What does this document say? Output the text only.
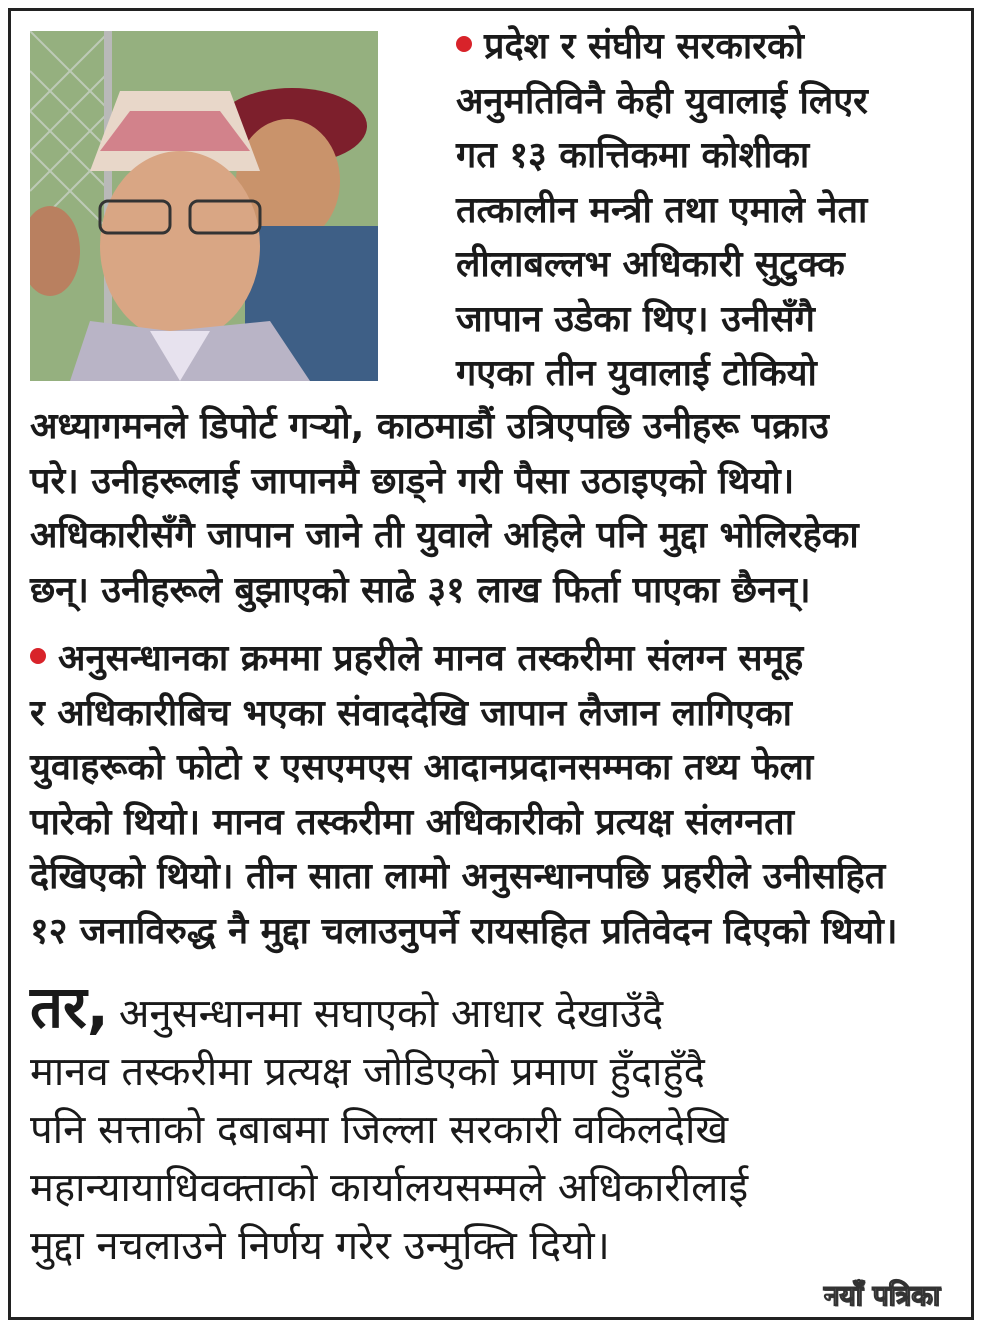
प्रदेश र संघीय सरकारको
अनुमतिविनै केही युवालाई लिएर
गत १३ कात्तिकमा कोशीका
तत्कालीन मन्त्री तथा एमाले नेता
लीलाबल्लभ अधिकारी सुटुक्क
जापान उडेका थिए। उनीसँगै
गएका तीन युवालाई टोकियो
अध्यागमनले डिपोर्ट गऱ्यो, काठमाडौं उत्रिएपछि उनीहरू पक्राउ
परे। उनीहरूलाई जापानमै छाड्ने गरी पैसा उठाइएको थियो।
अधिकारीसँगै जापान जाने ती युवाले अहिले पनि मुद्दा भोलिरहेका
छन्। उनीहरूले बुझाएको साढे ३१ लाख फिर्ता पाएका छैनन्।
अनुसन्धानका क्रममा प्रहरीले मानव तस्करीमा संलग्न समूह
र अधिकारीबिच भएका संवाददेखि जापान लैजान लागिएका
युवाहरूको फोटो र एसएमएस आदानप्रदानसम्मका तथ्य फेला
पारेको थियो। मानव तस्करीमा अधिकारीको प्रत्यक्ष संलग्नता
देखिएको थियो। तीन साता लामो अनुसन्धानपछि प्रहरीले उनीसहित
१२ जनाविरुद्ध नै मुद्दा चलाउनुपर्ने रायसहित प्रतिवेदन दिएको थियो।
तर, अनुसन्धानमा सघाएको आधार देखाउँदै
मानव तस्करीमा प्रत्यक्ष जोडिएको प्रमाण हुँदाहुँदै
पनि सत्ताको दबाबमा जिल्ला सरकारी वकिलदेखि
महान्यायाधिवक्ताको कार्यालयसम्मले अधिकारीलाई
मुद्दा नचलाउने निर्णय गरेर उन्मुक्ति दियो।
नयाँ पत्रिका
